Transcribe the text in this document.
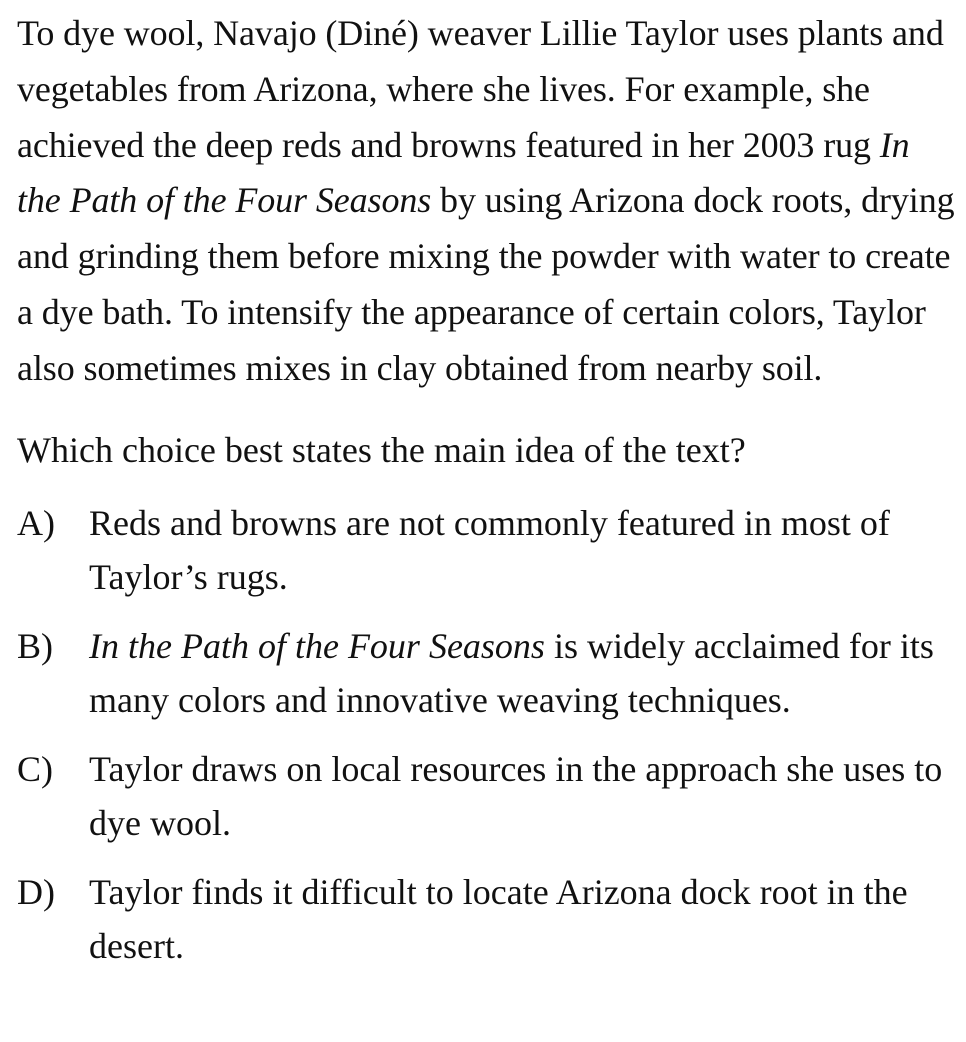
To dye wool, Navajo (Diné) weaver Lillie Taylor uses plants and vegetables from Arizona, where she lives. For example, she achieved the deep reds and browns featured in her 2003 rug In the Path of the Four Seasons by using Arizona dock roots, drying and grinding them before mixing the powder with water to create a dye bath. To intensify the appearance of certain colors, Taylor also sometimes mixes in clay obtained from nearby soil.

Which choice best states the main idea of the text?

A) Reds and browns are not commonly featured in most of Taylor’s rugs.
B)	In the Path of the Four Seasons is widely acclaimed for its many colors and innovative weaving techniques.
C)	Taylor draws on local resources in the approach she uses to dye wool.
D) Taylor finds it difficult to locate Arizona dock root in the desert.
